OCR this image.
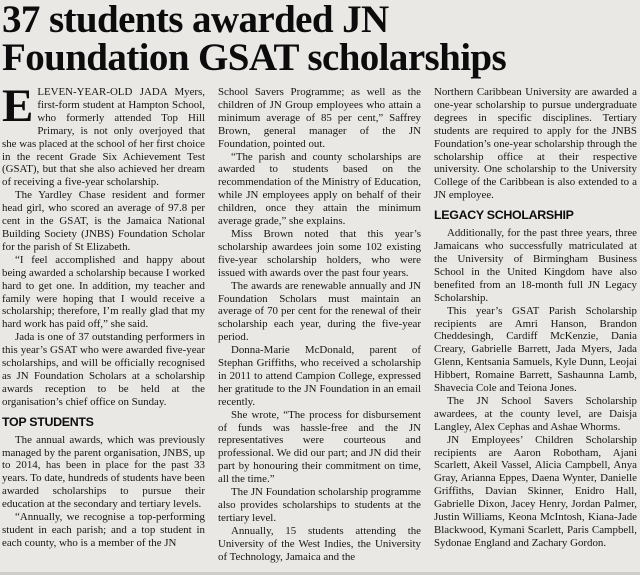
37 students awarded JN
Foundation GSAT scholarships

ELEVEN-YEAR-OLD JADA Myers, first-form student at Hampton School, who formerly attended Top Hill Primary, is not only overjoyed that she was placed at the school of her first choice in the recent Grade Six Achievement Test (GSAT), but that she also achieved her dream of receiving a five-year scholarship.

The Yardley Chase resident and former head girl, who scored an average of 97.8 per cent in the GSAT, is the Jamaica National Building Society (JNBS) Foundation Scholar for the parish of St Elizabeth.

“I feel accomplished and happy about being awarded a scholarship because I worked hard to get one. In addition, my teacher and family were hoping that I would receive a scholarship; therefore, I’m really glad that my hard work has paid off,” she said.

Jada is one of 37 outstanding performers in this year’s GSAT who were awarded five-year scholarships, and will be officially recognised as JN Foundation Scholars at a scholarship awards reception to be held at the organisation’s chief office on Sunday.

TOP STUDENTS

The annual awards, which was previously managed by the parent organisation, JNBS, up to 2014, has been in place for the past 33 years. To date, hundreds of students have been awarded scholarships to pursue their education at the secondary and tertiary levels.

“Annually, we recognise a top-performing student in each parish; and a top student in each county, who is a member of the JN

School Savers Programme; as well as the children of JN Group employees who attain a minimum average of 85 per cent,” Saffrey Brown, general manager of the JN Foundation, pointed out.

“The parish and county scholarships are awarded to students based on the recommendation of the Ministry of Education, while JN employees apply on behalf of their children, once they attain the minimum average grade,” she explains.

Miss Brown noted that this year’s scholarship awardees join some 102 existing five-year scholarship holders, who were issued with awards over the past four years.

The awards are renewable annually and JN Foundation Scholars must maintain an average of 70 per cent for the renewal of their scholarship each year, during the five-year period.

Donna-Marie McDonald, parent of Stephan Griffiths, who received a scholarship in 2011 to attend Campion College, expressed her gratitude to the JN Foundation in an email recently.

She wrote, “The process for disbursement of funds was hassle-free and the JN representatives were courteous and professional. We did our part; and JN did their part by honouring their commitment on time, all the time.”

The JN Foundation scholarship programme also provides scholarships to students at the tertiary level.

Annually, 15 students attending the University of the West Indies, the University of Technology, Jamaica and the

Northern Caribbean University are awarded a one-year scholarship to pursue undergraduate degrees in specific disciplines. Tertiary students are required to apply for the JNBS Foundation’s one-year scholarship through the scholarship office at their respective university. One scholarship to the University College of the Caribbean is also extended to a JN employee.

LEGACY SCHOLARSHIP

Additionally, for the past three years, three Jamaicans who successfully matriculated at the University of Birmingham Business School in the United Kingdom have also benefited from an 18-month full JN Legacy Scholarship.

This year’s GSAT Parish Scholarship recipients are Amri Hanson, Brandon Cheddesingh, Cardiff McKenzie, Dania Creary, Gabrielle Barrett, Jada Myers, Jada Glenn, Kentsania Samuels, Kyle Dunn, Leojai Hibbert, Romaine Barrett, Sashaunna Lamb, Shavecia Cole and Teiona Jones.

The JN School Savers Scholarship awardees, at the county level, are Daisja Langley, Alex Cephas and Ashae Whorms.

JN Employees’ Children Scholarship recipients are Aaron Robotham, Ajani Scarlett, Akeil Vassel, Alicia Campbell, Anya Gray, Arianna Eppes, Daena Wynter, Danielle Griffiths, Davian Skinner, Enidro Hall, Gabrielle Dixon, Jacey Henry, Jordan Palmer, Justin Williams, Keona McIntosh, Kiana-Jade Blackwood, Kymani Scarlett, Paris Campbell, Sydonae England and Zachary Gordon.
